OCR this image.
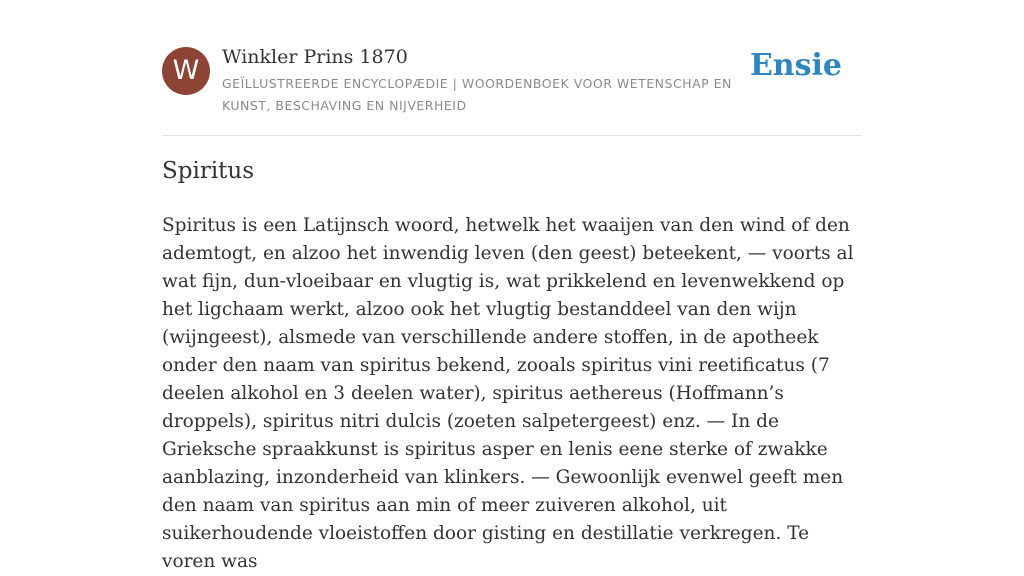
W	Winkler Prins 1870
GEÏLLUSTREERDE ENCYCLOPÆDIE | WOORDENBOEK VOOR WETENSCHAP EN KUNST, BESCHAVING EN NIJVERHEID
Ensie
Spiritus

Spiritus is een Latijnsch woord, hetwelk het waaijen van den wind of den ademtogt, en alzoo het inwendig leven (den geest) beteekent, — voorts al wat fijn, dun-vloeibaar en vlugtig is, wat prikkelend en levenwekkend op het ligchaam werkt, alzoo ook het vlugtig bestanddeel van den wijn (wijngeest), alsmede van verschillende andere stoffen, in de apotheek onder den naam van spiritus bekend, zooals spiritus vini reetificatus (7 deelen alkohol en 3 deelen water), spiritus aethereus (Hoffmann’s droppels), spiritus nitri dulcis (zoeten salpetergeest) enz. — In de Grieksche spraakkunst is spiritus asper en lenis eene sterke of zwakke aanblazing, inzonderheid van klinkers. — Gewoonlijk evenwel geeft men den naam van spiritus aan min of meer zuiveren alkohol, uit suikerhoudende vloeistoffen door gisting en destillatie verkregen. Te voren was
